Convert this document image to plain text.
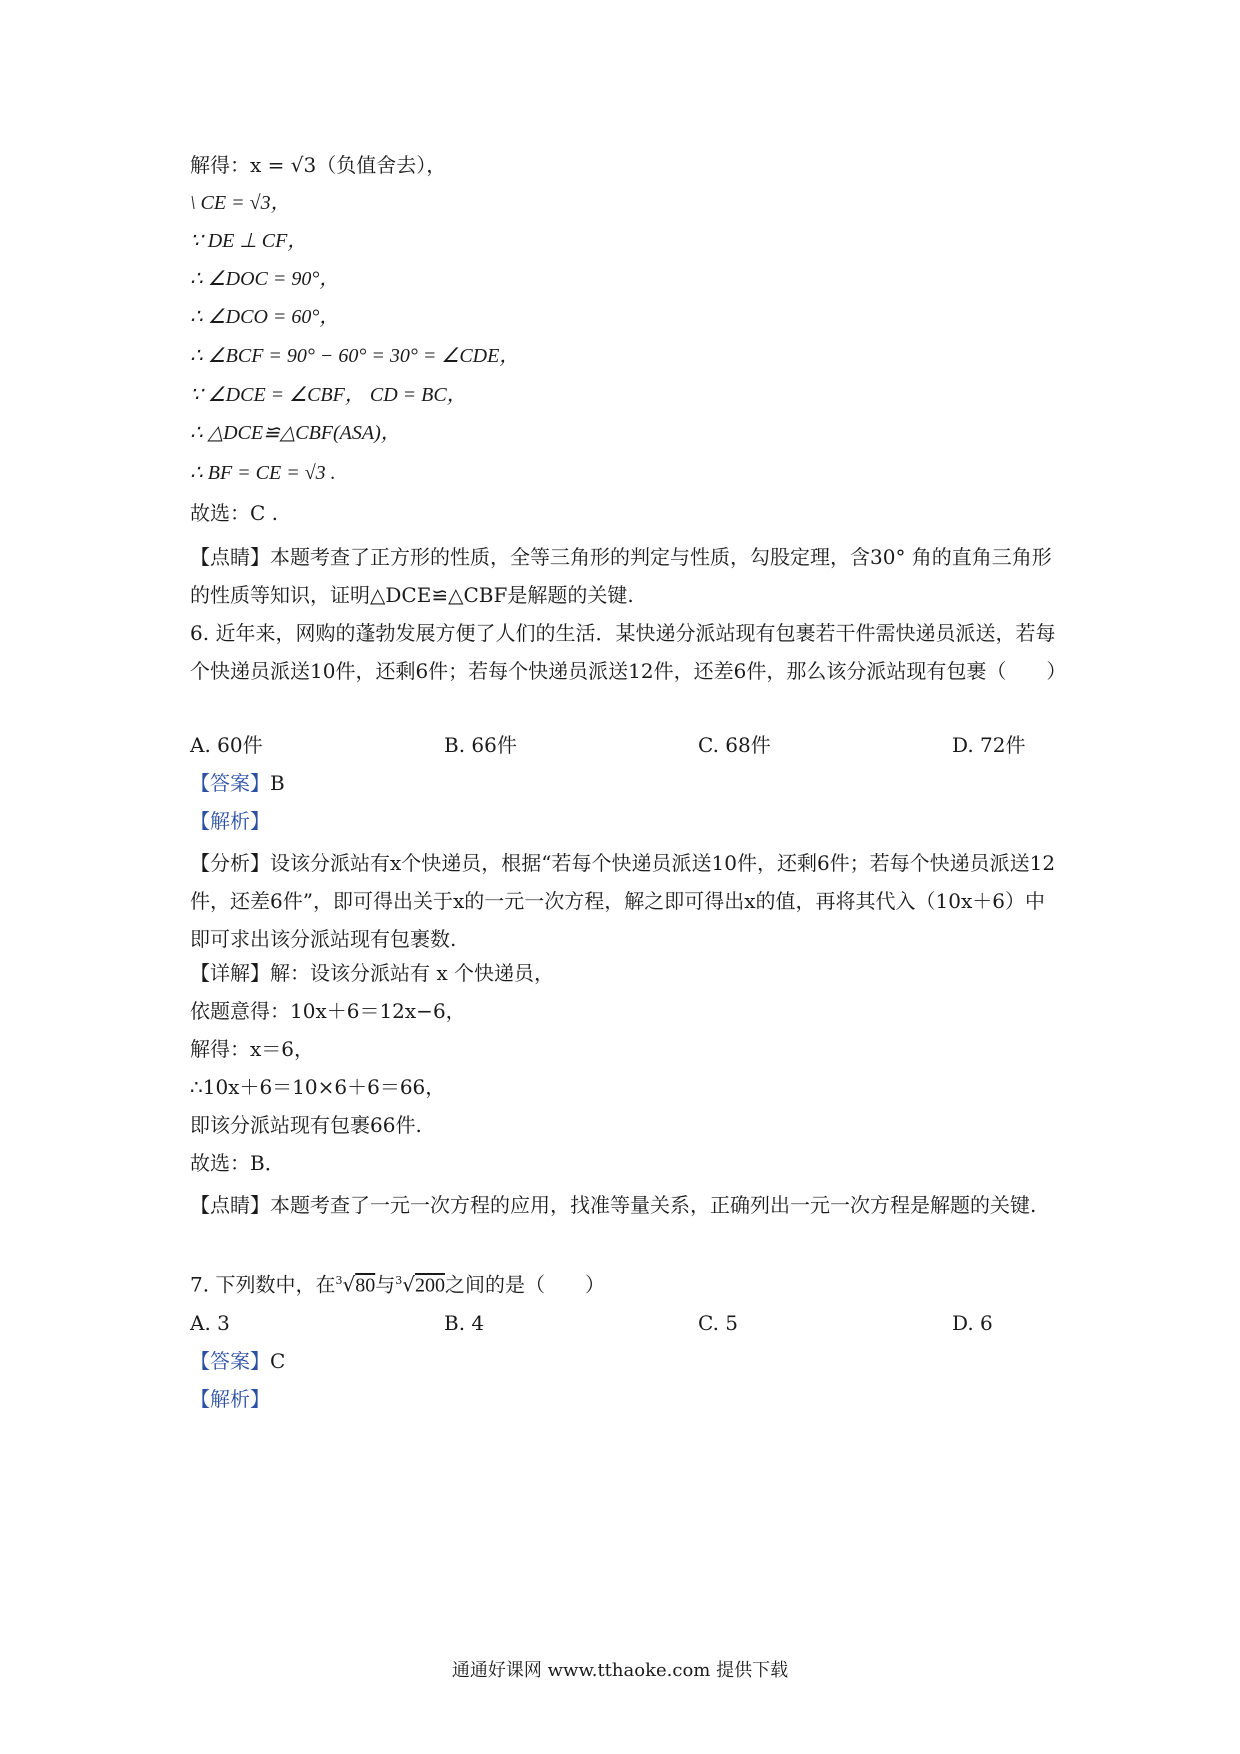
解得：x = √3（负值舍去），
\ CE = √3，
∵ DE ⊥ CF，
∴ ∠DOC = 90°，
∴ ∠DCO = 60°，
∴ ∠BCF = 90° − 60° = 30° = ∠CDE，
∵ ∠DCE = ∠CBF， CD = BC，
∴ △DCE≌△CBF(ASA)，
∴ BF = CE = √3 .
故选：C .
【点睛】本题考查了正方形的性质，全等三角形的判定与性质，勾股定理，含30° 角的直角三角形的性质等知识，证明△DCE≌△CBF是解题的关键.
6. 近年来，网购的蓬勃发展方便了人们的生活．某快递分派站现有包裹若干件需快递员派送，若每个快递员派送10件，还剩6件；若每个快递员派送12件，还差6件，那么该分派站现有包裹（　　）
A. 60件	B. 66件	C. 68件	D. 72件
【答案】B
【解析】
【分析】设该分派站有x个快递员，根据“若每个快递员派送10件，还剩6件；若每个快递员派送12件，还差6件”，即可得出关于x的一元一次方程，解之即可得出x的值，再将其代入（10x＋6）中即可求出该分派站现有包裹数.
【详解】解：设该分派站有 x 个快递员，
依题意得：10x＋6＝12x−6，
解得：x＝6，
∴10x＋6＝10×6＋6＝66，
即该分派站现有包裹66件.
故选：B．
【点睛】本题考查了一元一次方程的应用，找准等量关系，正确列出一元一次方程是解题的关键.
7. 下列数中，在$^3$√80与$^3$√200之间的是（　　）
A. 3	B. 4	C. 5	D. 6
【答案】C
【解析】
通通好课网 www.tthaoke.com 提供下载
